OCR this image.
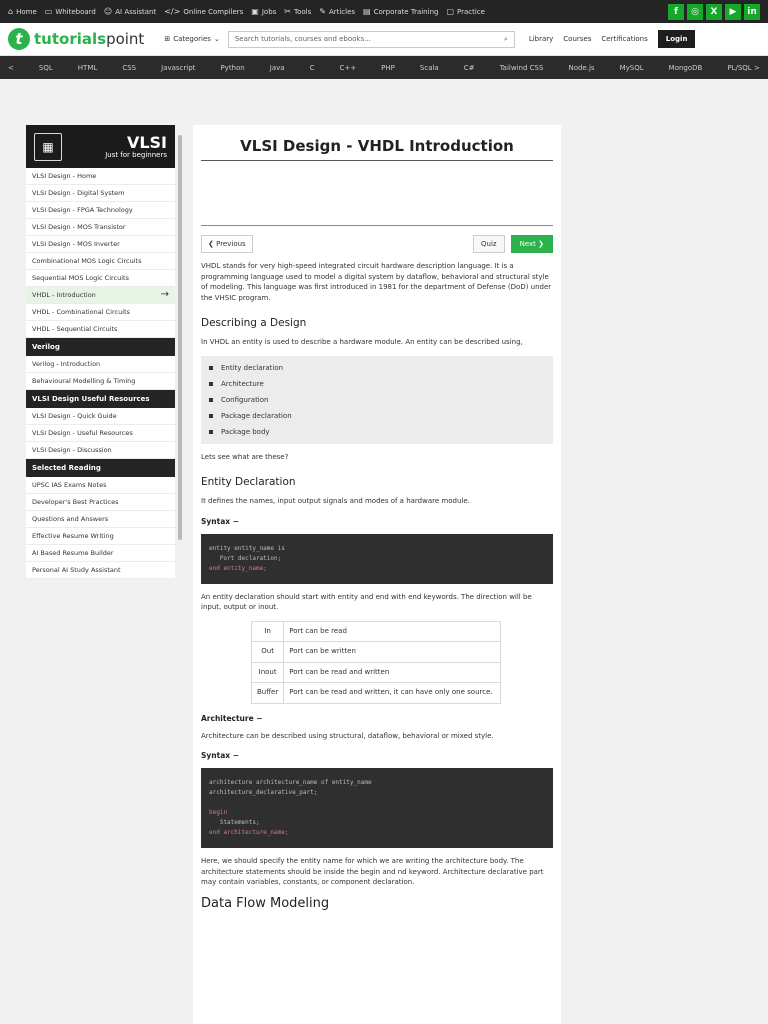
⌂ Home ▭ Whiteboard ☺ AI Assistant </> Online Compilers ▣ Jobs ✂ Tools ✎ Articles ▤ Corporate Training ▢ Practice	f	◎	X	▶	in
t tutorialspoint	⊞ Categories ⌄ Search tutorials, courses and ebooks...	⌕	Library Courses Certifications	Login
<	SQL	HTML	CSS	Javascript	Python	Java	C	C++	PHP	Scala	C#	Tailwind CSS	Node.js	MySQL	MongoDB	PL/SQL >
▦	VLSI
Just for beginners
VLSI Design - Home
VLSI Design - Digital System
VLSI Design - FPGA Technology
VLSI Design - MOS Transistor
VLSI Design - MOS Inverter
Combinational MOS Logic Circuits
Sequential MOS Logic Circuits
VHDL - Introduction	→
VHDL - Combinational Circuits
VHDL - Sequential Circuits
Verilog
Verilog - Introduction
Behavioural Modelling & Timing
VLSI Design Useful Resources
VLSI Design - Quick Guide
VLSI Design - Useful Resources
VLSI Design - Discussion
Selected Reading
UPSC IAS Exams Notes
Developer's Best Practices
Questions and Answers
Effective Resume Writing
AI Based Resume Builder
Personal AI Study Assistant
VLSI Design - VHDL Introduction
❮ Previous	Quiz	Next ❯
VHDL stands for very high-speed integrated circuit hardware description language. It is a programming language used to model a digital system by dataflow, behavioral and structural style of modeling. This language was first introduced in 1981 for the department of Defense (DoD) under the VHSIC program.
Describing a Design
In VHDL an entity is used to describe a hardware module. An entity can be described using,
Entity declaration
Architecture
Configuration
Package declaration
Package body
Lets see what are these?
Entity Declaration
It defines the names, input output signals and modes of a hardware module.
Syntax −
entity entity_name is
Port declaration;
end entity_name;
An entity declaration should start with entity and end with end keywords. The direction will be input, output or inout.
In	Port can be read
Out	Port can be written
Inout	Port can be read and written
Buffer	Port can be read and written, it can have only one source.
Architecture −
Architecture can be described using structural, dataflow, behavioral or mixed style.
Syntax −
architecture architecture_name of entity_name
architecture_declarative_part;

begin
Statements;
end architecture_name;
Here, we should specify the entity name for which we are writing the architecture body. The architecture statements should be inside the begin and nd keyword. Architecture declarative part may contain variables, constants, or component declaration.
Data Flow Modeling
